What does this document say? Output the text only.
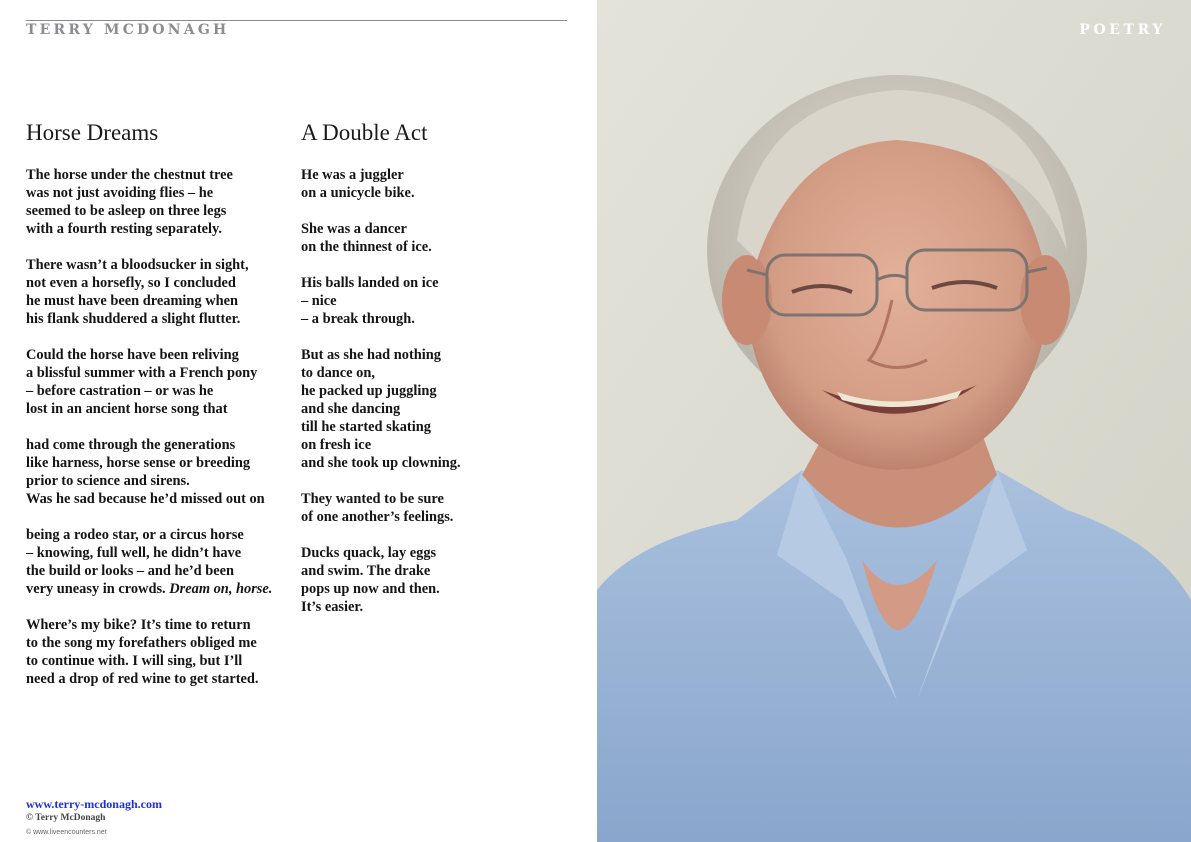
TERRY MCDONAGH
Horse Dreams
The horse under the chestnut tree
was not just avoiding flies – he
seemed to be asleep on three legs
with a fourth resting separately.
There wasn’t a bloodsucker in sight,
not even a horsefly, so I concluded
he must have been dreaming when
his flank shuddered a slight flutter.
Could the horse have been reliving
a blissful summer with a French pony
– before castration – or was he
lost in an ancient horse song that
had come through the generations
like harness, horse sense or breeding
prior to science and sirens.
Was he sad because he’d missed out on
being a rodeo star, or a circus horse
– knowing, full well, he didn’t have
the build or looks – and he’d been
very uneasy in crowds. Dream on, horse.
Where’s my bike? It’s time to return
to the song my forefathers obliged me
to continue with. I will sing, but I’ll
need a drop of red wine to get started.
A Double Act
He was a juggler
on a unicycle bike.
She was a dancer
on the thinnest of ice.
His balls landed on ice
– nice
– a break through.
But as she had nothing
to dance on,
he packed up juggling
and she dancing
till he started skating
on fresh ice
and she took up clowning.
They wanted to be sure
of one another’s feelings.
Ducks quack, lay eggs
and swim. The drake
pops up now and then.
It’s easier.
www.terry-mcdonagh.com
© Terry McDonagh
© www.liveencounters.net
POETRY
